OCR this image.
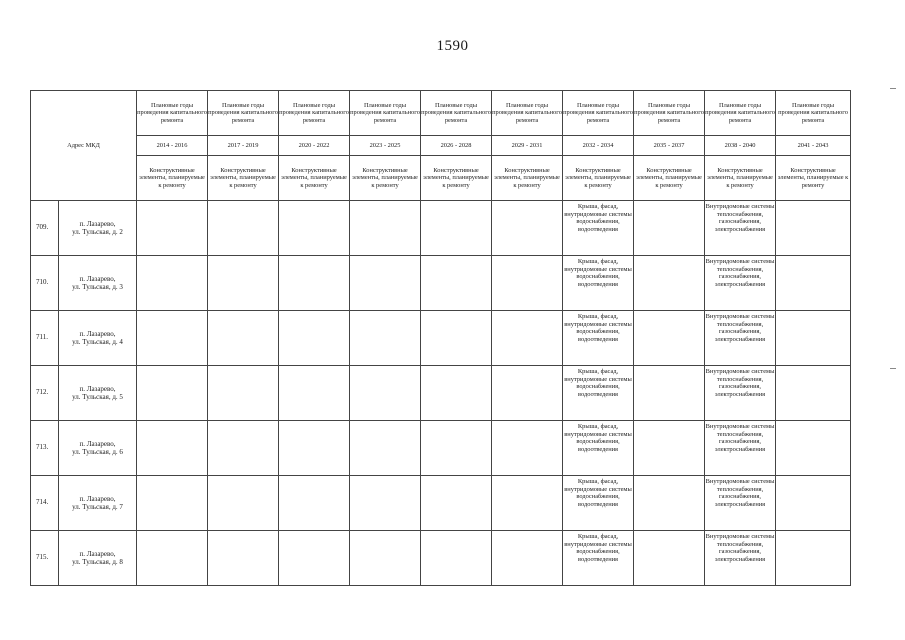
1590
Адрес МКД		Плановые годы проведения капитального ремонта	Плановые годы проведения капитального ремонта	Плановые годы проведения капитального ремонта	Плановые годы проведения капитального ремонта	Плановые годы проведения капитального ремонта	Плановые годы проведения капитального ремонта	Плановые годы проведения капитального ремонта	Плановые годы проведения капитального ремонта	Плановые годы проведения капитального ремонта	Плановые годы проведения капитального ремонта
		2014 - 2016	2017 - 2019	2020 - 2022	2023 - 2025	2026 - 2028	2029 - 2031	2032 - 2034	2035 - 2037	2038 - 2040	2041 - 2043
		Конструктивные элементы, планируемые к ремонту	Конструктивные элементы, планируемые к ремонту	Конструктивные элементы, планируемые к ремонту	Конструктивные элементы, планируемые к ремонту	Конструктивные элементы, планируемые к ремонту	Конструктивные элементы, планируемые к ремонту	Конструктивные элементы, планируемые к ремонту	Конструктивные элементы, планируемые к ремонту	Конструктивные элементы, планируемые к ремонту	Конструктивные элементы, планируемые к ремонту
709.	п. Лазарево,
ул. Тульская, д. 2							Крыша, фасад, внутридомовые системы водоснабжения, водоотведения		Внутридомовые системы теплоснабжения, газоснабжения, электроснабжения	
710.	п. Лазарево,
ул. Тульская, д. 3							Крыша, фасад, внутридомовые системы водоснабжения, водоотведения		Внутридомовые системы теплоснабжения, газоснабжения, электроснабжения	
711.	п. Лазарево,
ул. Тульская, д. 4							Крыша, фасад, внутридомовые системы водоснабжения, водоотведения		Внутридомовые системы теплоснабжения, газоснабжения, электроснабжения	
712.	п. Лазарево,
ул. Тульская, д. 5							Крыша, фасад, внутридомовые системы водоснабжения, водоотведения		Внутридомовые системы теплоснабжения, газоснабжения, электроснабжения	
713.	п. Лазарево,
ул. Тульская, д. 6							Крыша, фасад, внутридомовые системы водоснабжения, водоотведения		Внутридомовые системы теплоснабжения, газоснабжения, электроснабжения	
714.	п. Лазарево,
ул. Тульская, д. 7							Крыша, фасад, внутридомовые системы водоснабжения, водоотведения		Внутридомовые системы теплоснабжения, газоснабжения, электроснабжения	
715.	п. Лазарево,
ул. Тульская, д. 8							Крыша, фасад, внутридомовые системы водоснабжения, водоотведения		Внутридомовые системы теплоснабжения, газоснабжения, электроснабжения	
